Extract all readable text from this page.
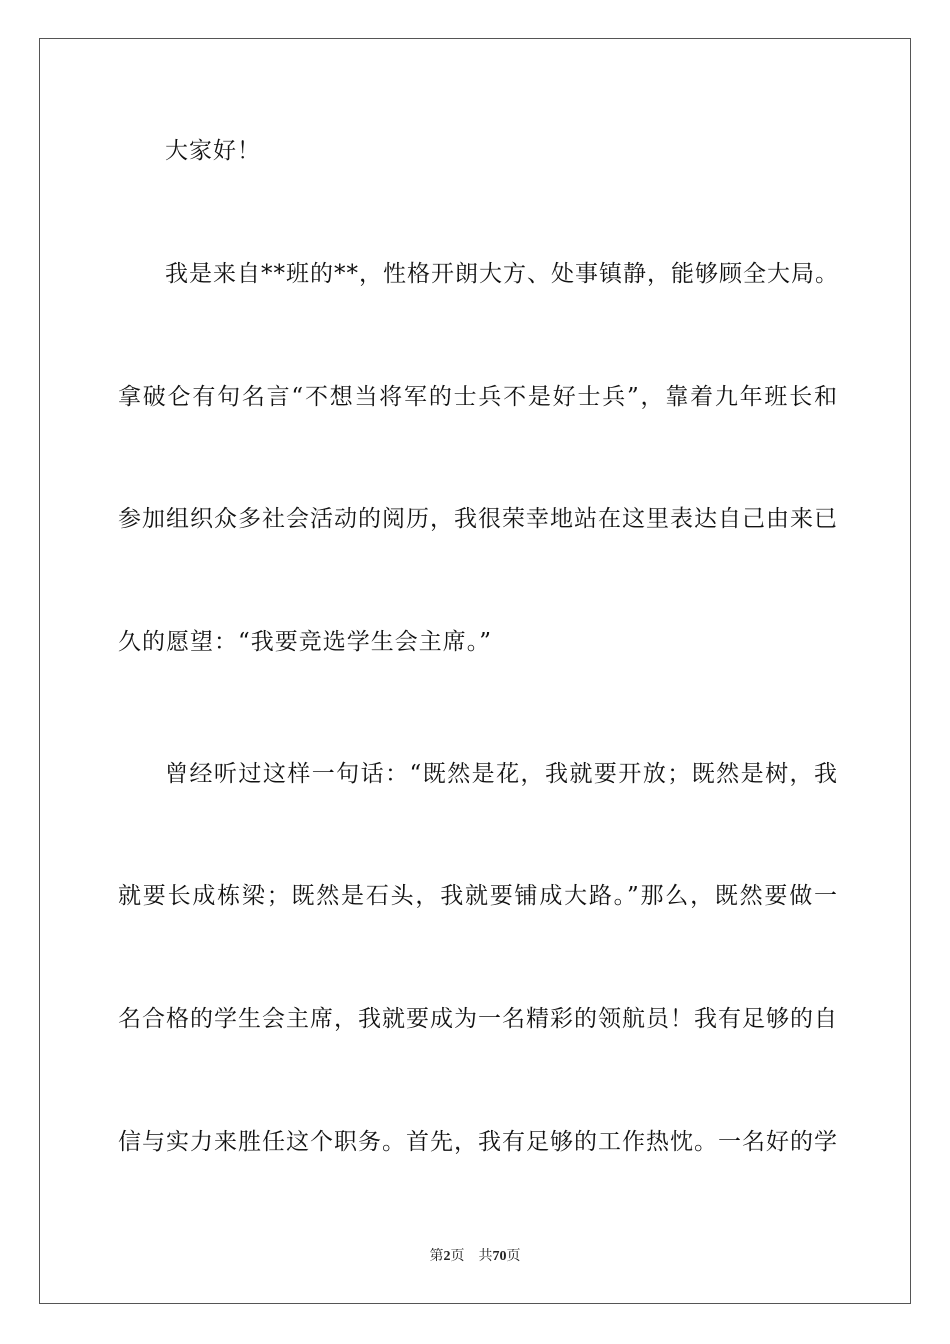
大家好！
我是来自**班的**，性格开朗大方、处事镇静，能够顾全大局。
拿破仑有句名言“不想当将军的士兵不是好士兵”，靠着九年班长和
参加组织众多社会活动的阅历，我很荣幸地站在这里表达自己由来已
久的愿望：“我要竞选学生会主席。”
曾经听过这样一句话：“既然是花，我就要开放；既然是树，我
就要长成栋梁；既然是石头，我就要铺成大路。”那么，既然要做一
名合格的学生会主席，我就要成为一名精彩的领航员！我有足够的自
信与实力来胜任这个职务。首先，我有足够的工作热忱。一名好的学
第2页 共70页
